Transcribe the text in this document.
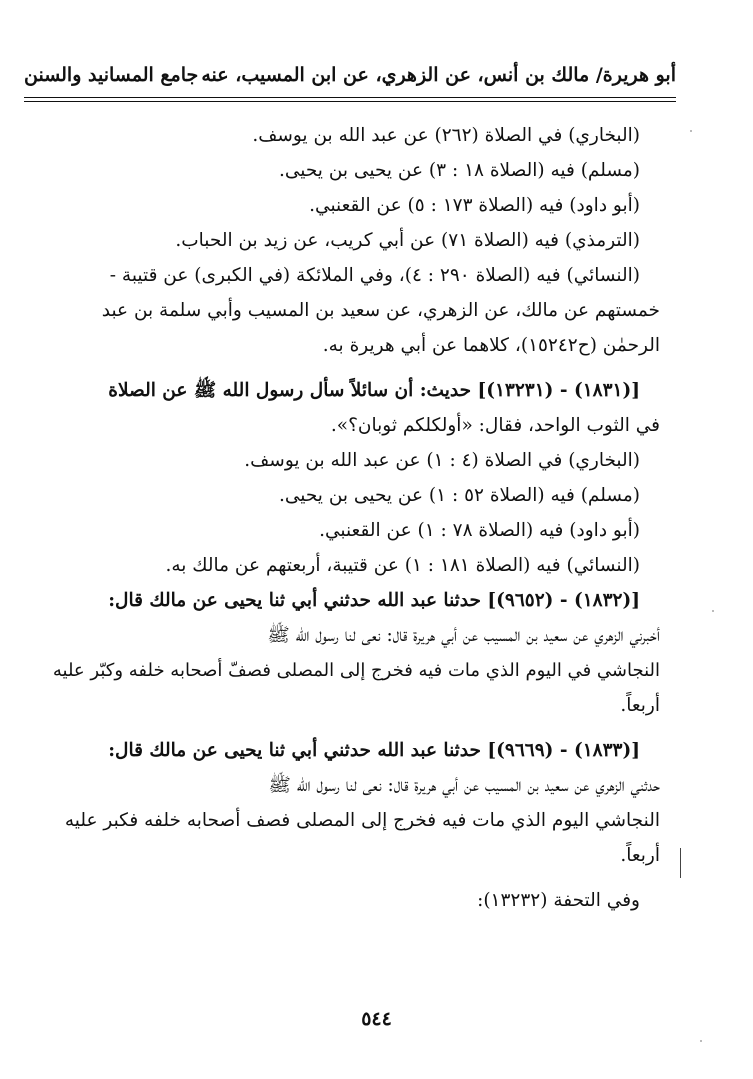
أبو هريرة/ مالك بن أنس، عن الزهري، عن ابن المسيب، عنه
جامع المسانيد والسنن
(البخاري) في الصلاة (٢٦٢) عن عبد الله بن يوسف.
(مسلم) فيه (الصلاة ١٨ : ٣) عن يحيى بن يحيى.
(أبو داود) فيه (الصلاة ١٧٣ : ٥) عن القعنبي.
(الترمذي) فيه (الصلاة ٧١) عن أبي كريب، عن زيد بن الحباب.
(النسائي) فيه (الصلاة ٢٩٠ : ٤)، وفي الملائكة (في الكبرى) عن قتيبة -
خمستهم عن مالك، عن الزهري، عن سعيد بن المسيب وأبي سلمة بن عبد
الرحمٰن (ح١٥٢٤٢)، كلاهما عن أبي هريرة به.
[(١٨٣١) - (١٣٢٣١)] حديث: أن سائلاً سأل رسول الله ﷺ عن الصلاة
في الثوب الواحد، فقال: «أولكلكم ثوبان؟».
(البخاري) في الصلاة (٤ : ١) عن عبد الله بن يوسف.
(مسلم) فيه (الصلاة ٥٢ : ١) عن يحيى بن يحيى.
(أبو داود) فيه (الصلاة ٧٨ : ١) عن القعنبي.
(النسائي) فيه (الصلاة ١٨١ : ١) عن قتيبة، أربعتهم عن مالك به.
[(١٨٣٢) - (٩٦٥٢)] حدثنا عبد الله حدثني أبي ثنا يحيى عن مالك قال:
أخبرني الزهري عن سعيد بن المسيب عن أبي هريرة قال: نعى لنا رسول الله ﷺ
النجاشي في اليوم الذي مات فيه فخرج إلى المصلى فصفّ أصحابه خلفه وكبّر عليه
أربعاً.
[(١٨٣٣) - (٩٦٦٩)] حدثنا عبد الله حدثني أبي ثنا يحيى عن مالك قال:
حدثني الزهري عن سعيد بن المسيب عن أبي هريرة قال: نعى لنا رسول الله ﷺ
النجاشي اليوم الذي مات فيه فخرج إلى المصلى فصف أصحابه خلفه فكبر عليه
أربعاً.
وفي التحفة (١٣٢٣٢):
٥٤٤
